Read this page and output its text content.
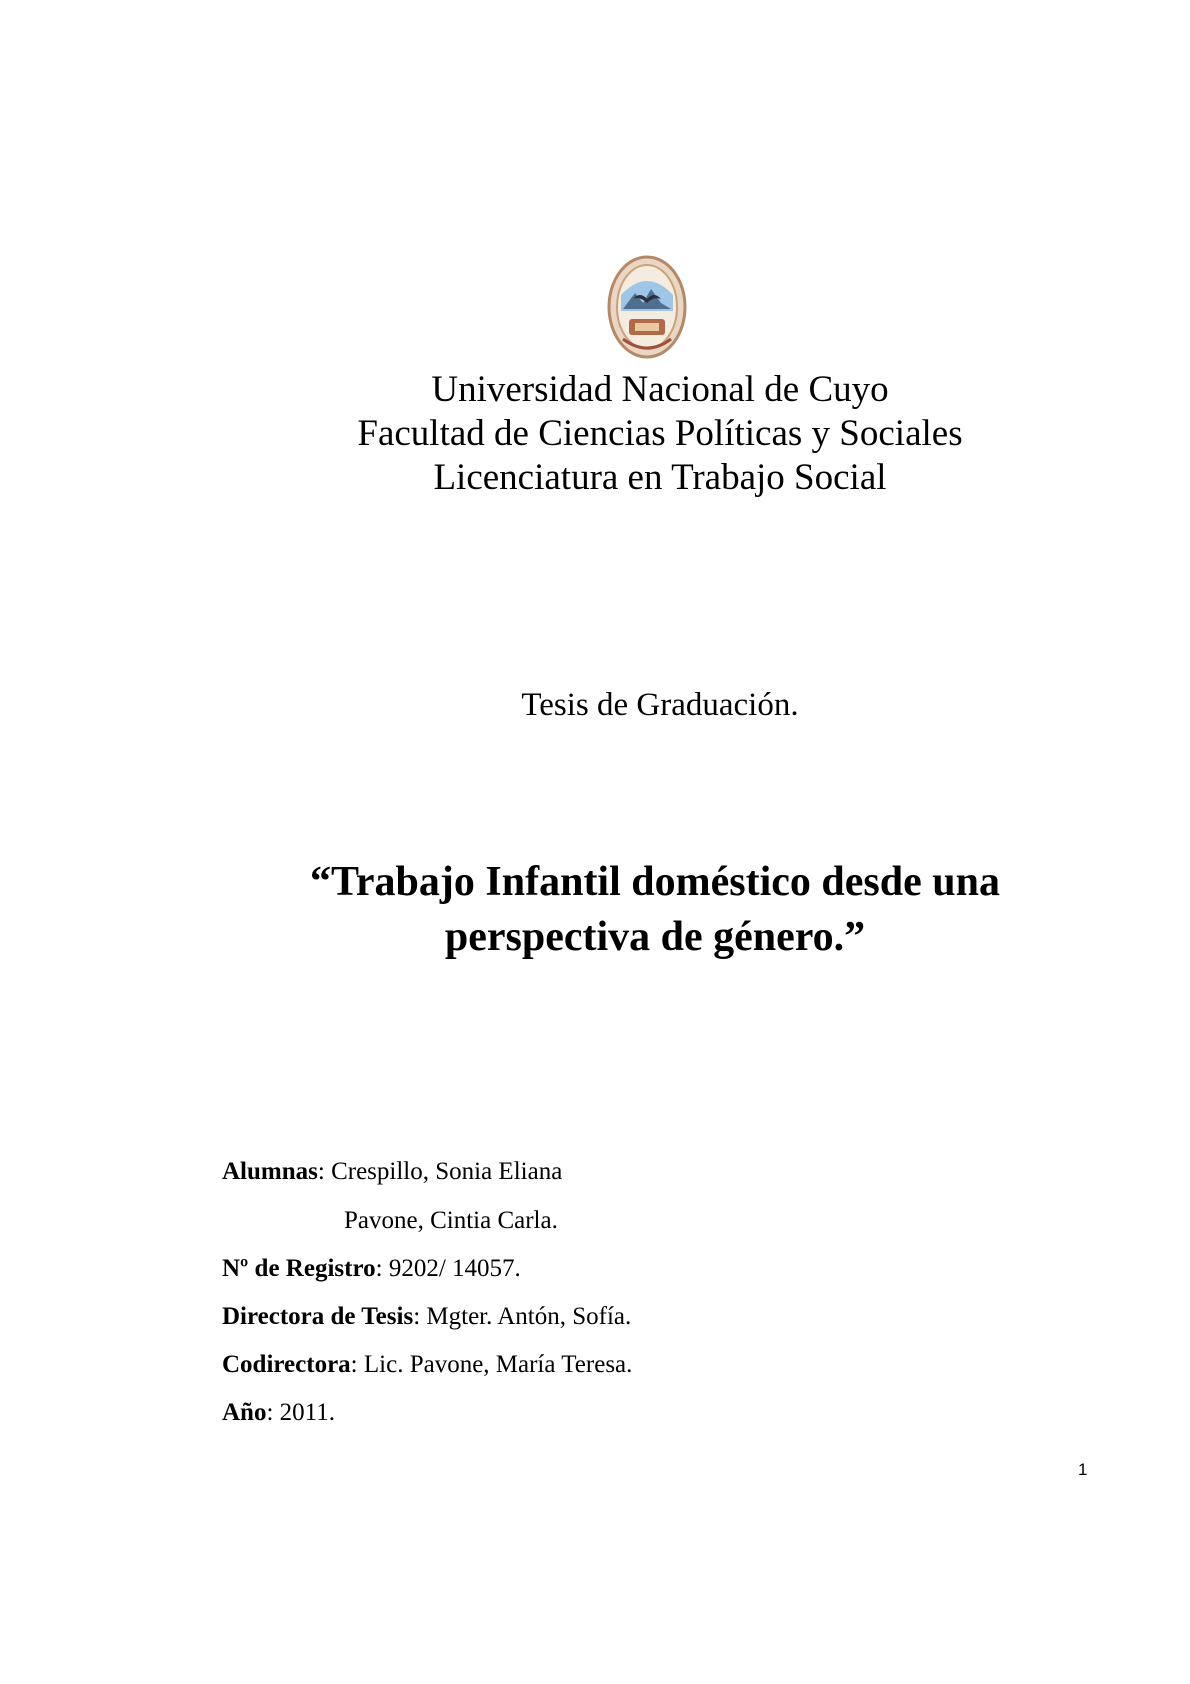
Universidad Nacional de Cuyo
Facultad de Ciencias Políticas y Sociales
Licenciatura en Trabajo Social
Tesis de Graduación.
“Trabajo Infantil doméstico desde una
perspectiva de género.”
Alumnas: Crespillo, Sonia Eliana
Pavone, Cintia Carla.
Nº de Registro: 9202/ 14057.
Directora de Tesis: Mgter. Antón, Sofía.
Codirectora: Lic. Pavone, María Teresa.
Año: 2011.
1
